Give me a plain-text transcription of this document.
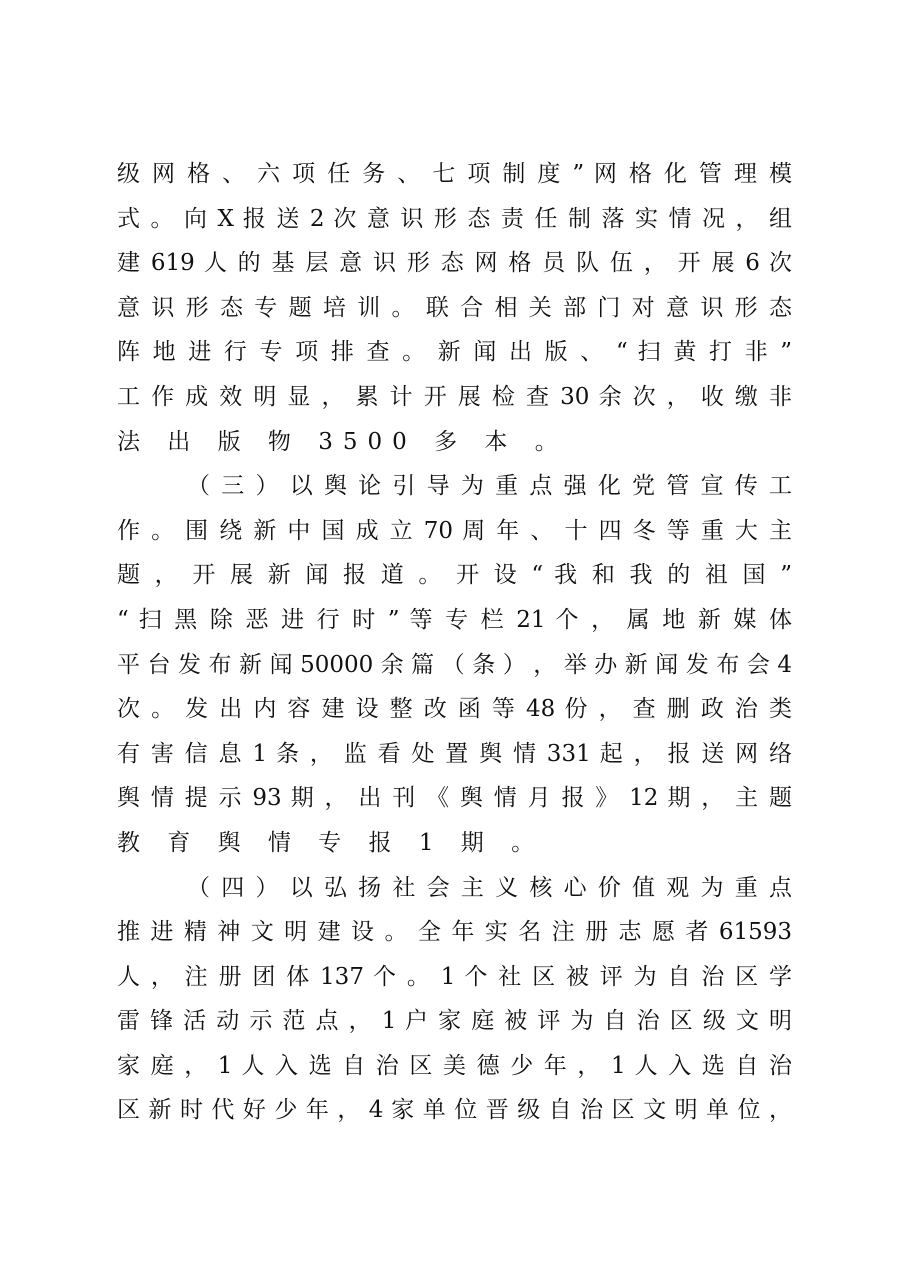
级 网 格 、 六 项 任 务 、 七 项 制 度 ” 网 格 化 管 理 模
式 。 向 X 报 送 2 次 意 识 形 态 责 任 制 落 实 情 况 ， 组
建 619 人 的 基 层 意 识 形 态 网 格 员 队 伍 ， 开 展 6 次
意 识 形 态 专 题 培 训 。 联 合 相 关 部 门 对 意 识 形 态
阵 地 进 行 专 项 排 查 。 新 闻 出 版 、 “ 扫 黄 打 非 ”
工 作 成 效 明 显 ， 累 计 开 展 检 查 30 余 次 ， 收 缴 非
法 出 版 物 3500 多 本 。
（ 三 ） 以 舆 论 引 导 为 重 点 强 化 党 管 宣 传 工
作 。 围 绕 新 中 国 成 立 70 周 年 、 十 四 冬 等 重 大 主
题 ， 开 展 新 闻 报 道 。 开 设 “ 我 和 我 的 祖 国 ”
“ 扫 黑 除 恶 进 行 时 ” 等 专 栏 21 个 ， 属 地 新 媒 体
平 台 发 布 新 闻 50000 余 篇 （ 条 ） ， 举 办 新 闻 发 布 会 4
次 。 发 出 内 容 建 设 整 改 函 等 48 份 ， 查 删 政 治 类
有 害 信 息 1 条 ， 监 看 处 置 舆 情 331 起 ， 报 送 网 络
舆 情 提 示 93 期 ， 出 刊 《 舆 情 月 报 》 12 期 ， 主 题
教 育 舆 情 专 报 1 期 。
（ 四 ） 以 弘 扬 社 会 主 义 核 心 价 值 观 为 重 点
推 进 精 神 文 明 建 设 。 全 年 实 名 注 册 志 愿 者 61593
人 ， 注 册 团 体 137 个 。 1 个 社 区 被 评 为 自 治 区 学
雷 锋 活 动 示 范 点 ， 1 户 家 庭 被 评 为 自 治 区 级 文 明
家 庭 ， 1 人 入 选 自 治 区 美 德 少 年 ， 1 人 入 选 自 治
区 新 时 代 好 少 年 ， 4 家 单 位 晋 级 自 治 区 文 明 单 位 ，
